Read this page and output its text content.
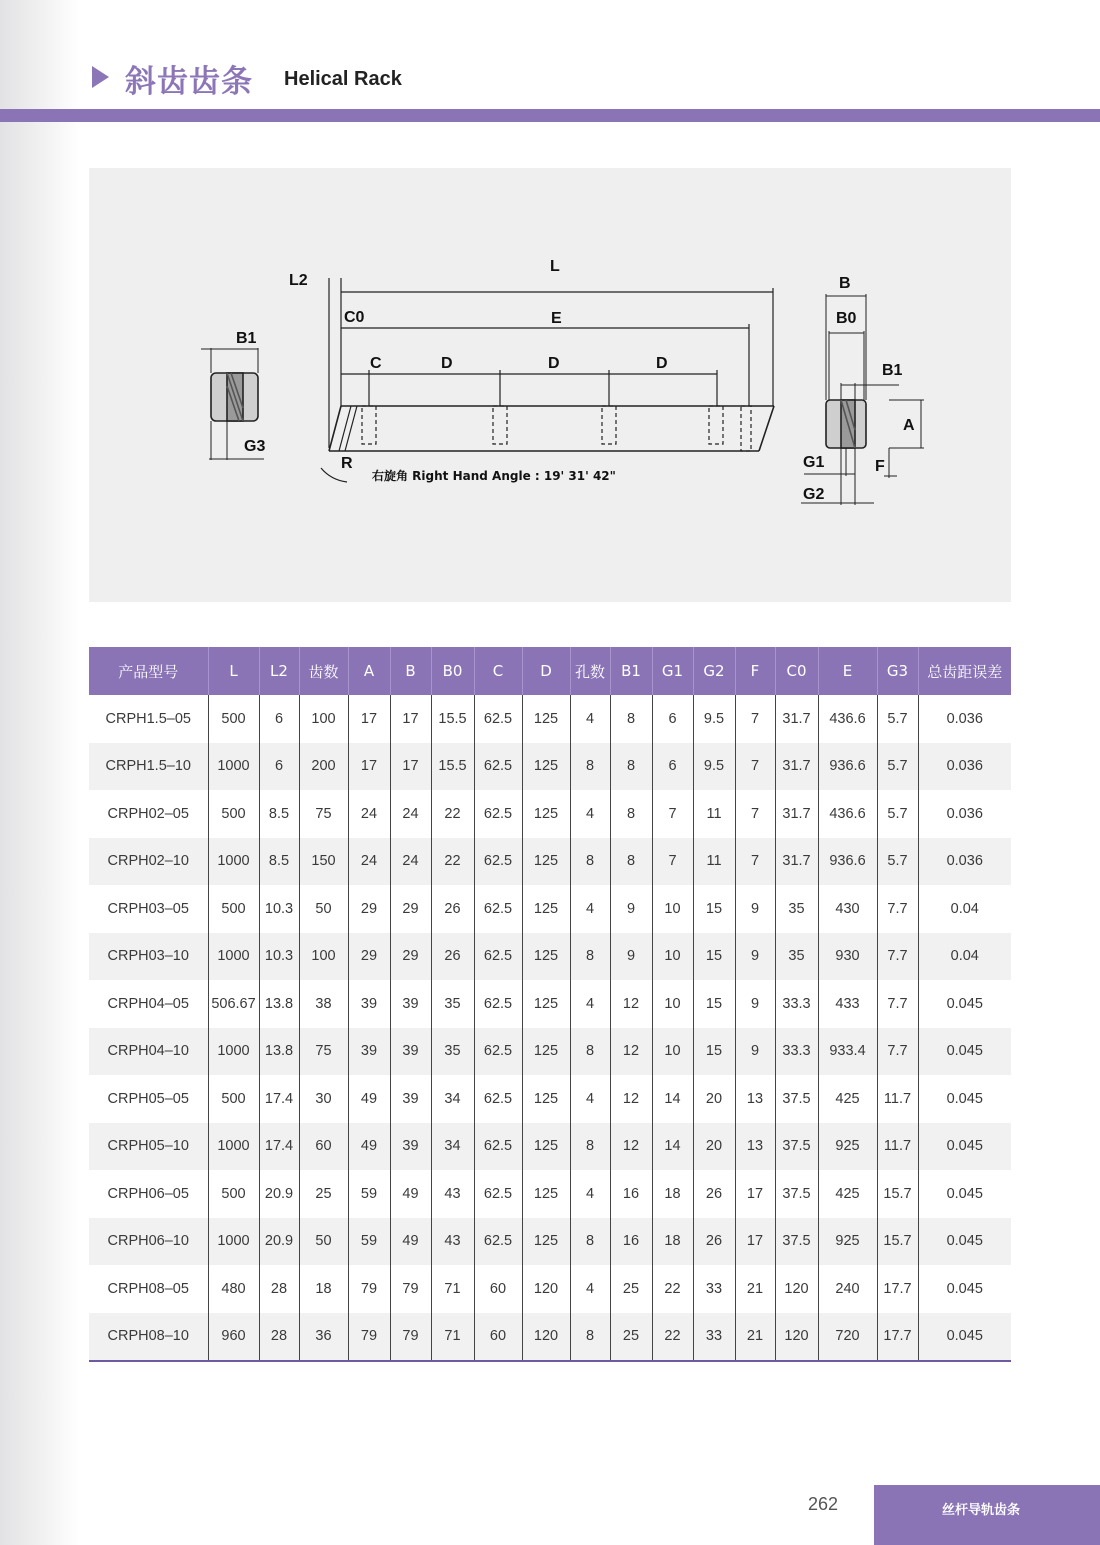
斜齿齿条 Helical Rack
B1
G3
L2
L
C0	E
C	D	D	D
R
右旋角 Right Hand Angle : 19' 31' 42"
B
B0
B1
A
G1	F
G2
产品型号	L	L2	齿数	A	B	B0	C	D	孔数	B1	G1	G2	F	C0	E	G3	总齿距误差
CRPH1.5–05	500	6	100	17	17	15.5	62.5	125	4	8	6	9.5	7	31.7	436.6	5.7	0.036
CRPH1.5–10	1000	6	200	17	17	15.5	62.5	125	8	8	6	9.5	7	31.7	936.6	5.7	0.036
CRPH02–05	500	8.5	75	24	24	22	62.5	125	4	8	7	11	7	31.7	436.6	5.7	0.036
CRPH02–10	1000	8.5	150	24	24	22	62.5	125	8	8	7	11	7	31.7	936.6	5.7	0.036
CRPH03–05	500	10.3	50	29	29	26	62.5	125	4	9	10	15	9	35	430	7.7	0.04
CRPH03–10	1000	10.3	100	29	29	26	62.5	125	8	9	10	15	9	35	930	7.7	0.04
CRPH04–05	506.67	13.8	38	39	39	35	62.5	125	4	12	10	15	9	33.3	433	7.7	0.045
CRPH04–10	1000	13.8	75	39	39	35	62.5	125	8	12	10	15	9	33.3	933.4	7.7	0.045
CRPH05–05	500	17.4	30	49	39	34	62.5	125	4	12	14	20	13	37.5	425	11.7	0.045
CRPH05–10	1000	17.4	60	49	39	34	62.5	125	8	12	14	20	13	37.5	925	11.7	0.045
CRPH06–05	500	20.9	25	59	49	43	62.5	125	4	16	18	26	17	37.5	425	15.7	0.045
CRPH06–10	1000	20.9	50	59	49	43	62.5	125	8	16	18	26	17	37.5	925	15.7	0.045
CRPH08–05	480	28	18	79	79	71	60	120	4	25	22	33	21	120	240	17.7	0.045
CRPH08–10	960	28	36	79	79	71	60	120	8	25	22	33	21	120	720	17.7	0.045
262	丝杆导轨齿条
